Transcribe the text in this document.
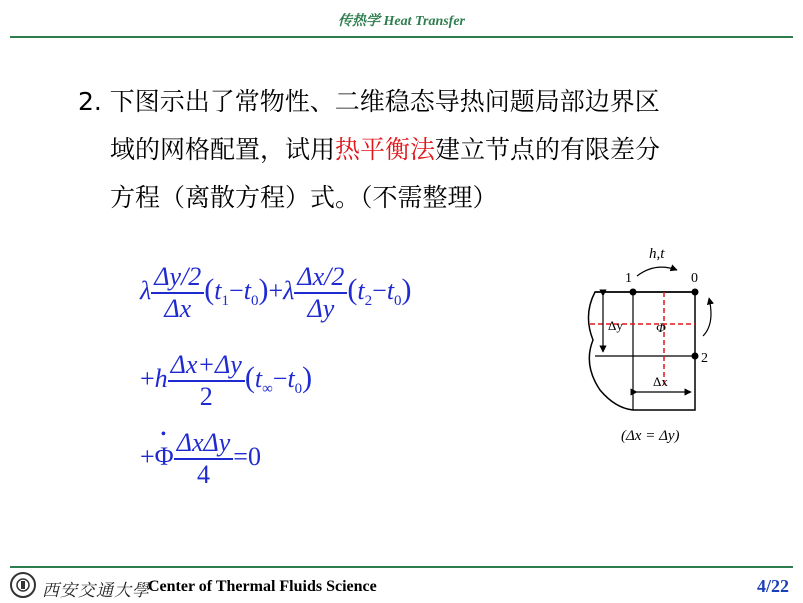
传热学 Heat Transfer
2. 下图示出了常物性、二维稳态导热问题局部边界区
域的网格配置，试用热平衡法建立节点的有限差分
方程（离散方程）式。（不需整理）
λ $\frac{\Delta y/2}{\Delta x} (t_1-t_0)+\lambda \frac{\Delta x/2}{\Delta y} (t_2-t_0)$
$+h \frac{\Delta x+\Delta y}{2} (t_\infty-t_0)$
+
•
Φ $\frac{\text{ΔxΔy}}{4} =0$
h,t
1	0
2
Δy
Δx
Φ
(Δx = Δy)
西安交通大學
Center of Thermal Fluids Science	4/22
